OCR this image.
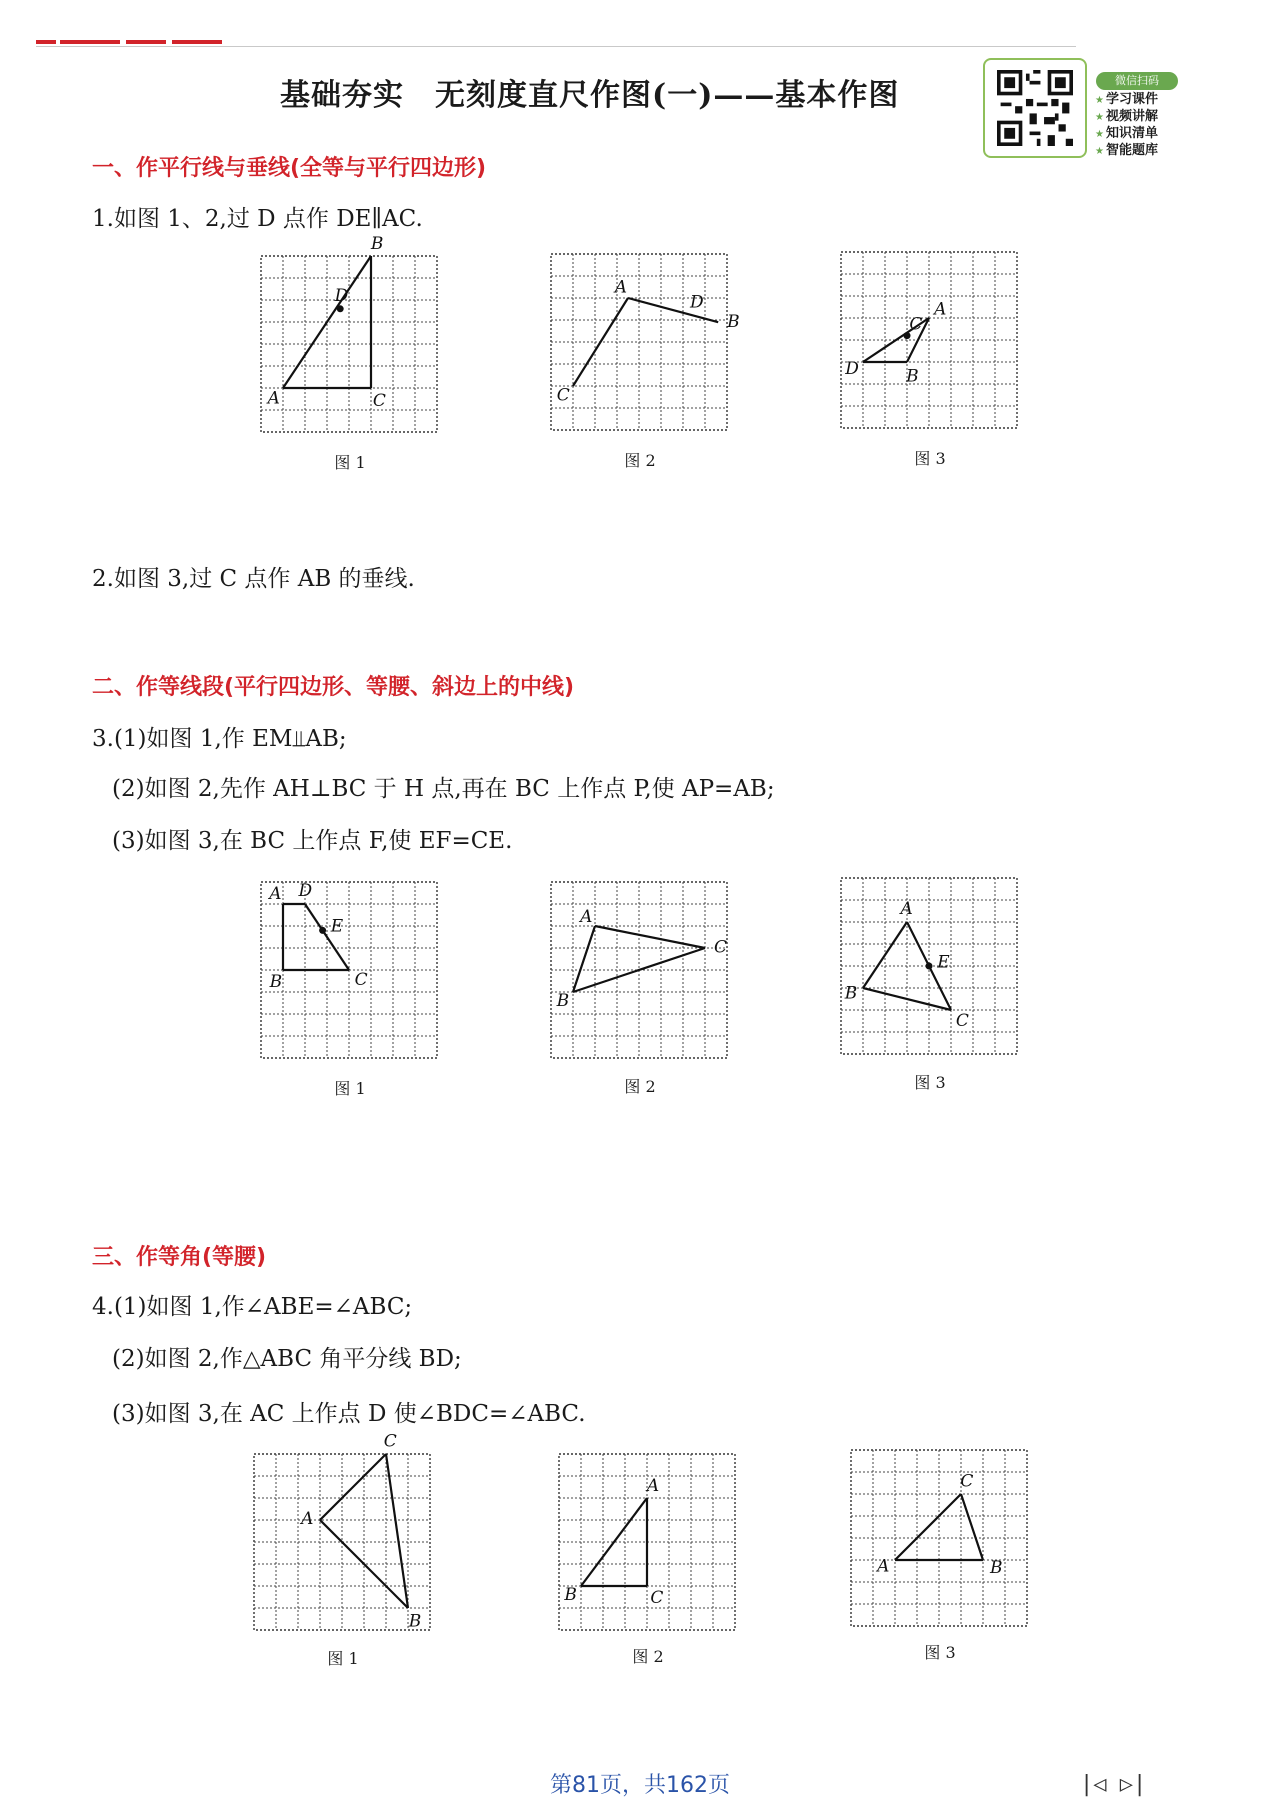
基础夯实　无刻度直尺作图(一)——基本作图	微信扫码
★ 学习课件
★ 视频讲解
★ 知识清单
★ 智能题库
一、作平行线与垂线(全等与平行四边形)
1.如图 1、2,过 D 点作 DE∥AC.
A
B
C
D
图 1
A
B
C
D
图 2
A
B
C
D
图 3
2.如图 3,过 C 点作 AB 的垂线.
二、作等线段(平行四边形、等腰、斜边上的中线)
3.(1)如图 1,作 EM⫫AB;
(2)如图 2,先作 AH⊥BC 于 H 点,再在 BC 上作点 P,使 AP=AB;
(3)如图 3,在 BC 上作点 F,使 EF=CE.
A
B	C
D
E
图 1
A
B
C
图 2
A
B
C
E
图 3
三、作等角(等腰)
4.(1)如图 1,作∠ABE=∠ABC;
(2)如图 2,作△ABC 角平分线 BD;
(3)如图 3,在 AC 上作点 D 使∠BDC=∠ABC.
A
B
C
图 1
A
B	C
图 2
A	B
C
图 3
第81页，共162页	|◁ ▷|
